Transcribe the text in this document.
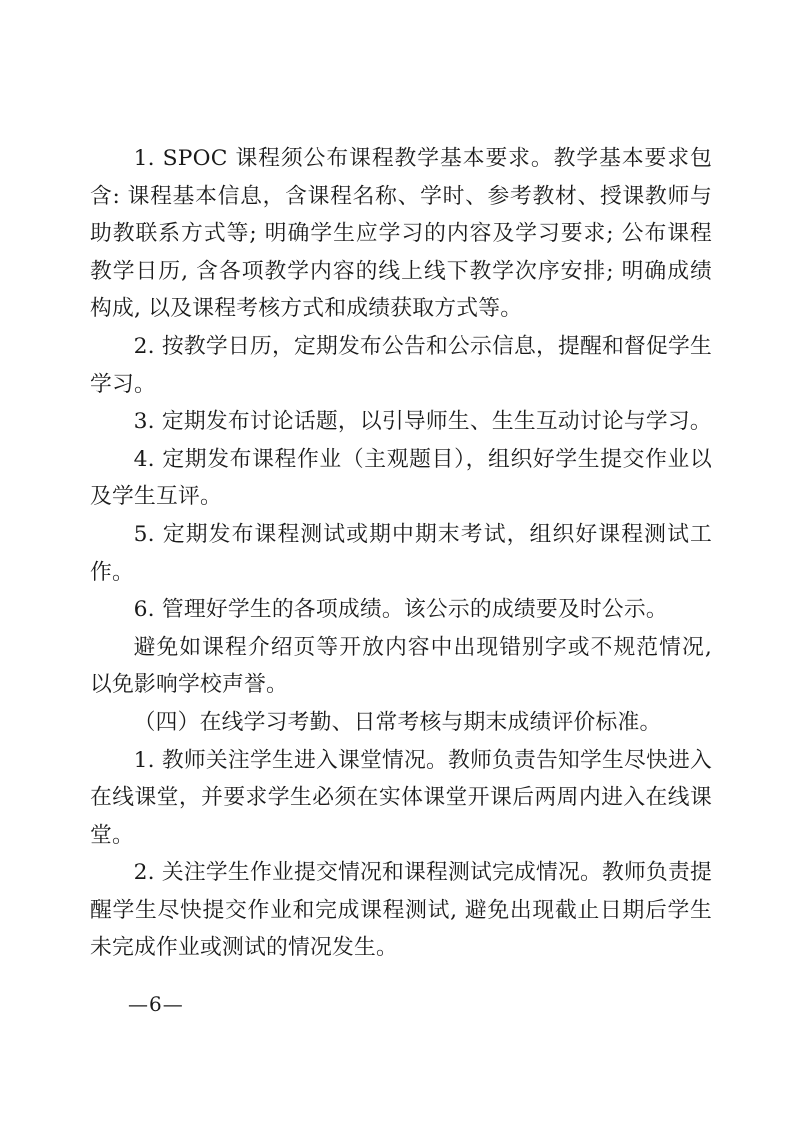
1. SPOC 课程须公布课程教学基本要求。教学基本要求包含: 课程基本信息，含课程名称、学时、参考教材、授课教师与助教联系方式等; 明确学生应学习的内容及学习要求; 公布课程教学日历, 含各项教学内容的线上线下教学次序安排; 明确成绩构成, 以及课程考核方式和成绩获取方式等。

2. 按教学日历，定期发布公告和公示信息，提醒和督促学生学习。

3. 定期发布讨论话题，以引导师生、生生互动讨论与学习。

4. 定期发布课程作业（主观题目），组织好学生提交作业以及学生互评。

5. 定期发布课程测试或期中期末考试，组织好课程测试工作。

6. 管理好学生的各项成绩。该公示的成绩要及时公示。

避免如课程介绍页等开放内容中出现错别字或不规范情况, 以免影响学校声誉。

（四）在线学习考勤、日常考核与期末成绩评价标准。

1. 教师关注学生进入课堂情况。教师负责告知学生尽快进入在线课堂，并要求学生必须在实体课堂开课后两周内进入在线课堂。

2. 关注学生作业提交情况和课程测试完成情况。教师负责提醒学生尽快提交作业和完成课程测试, 避免出现截止日期后学生未完成作业或测试的情况发生。

—6—
